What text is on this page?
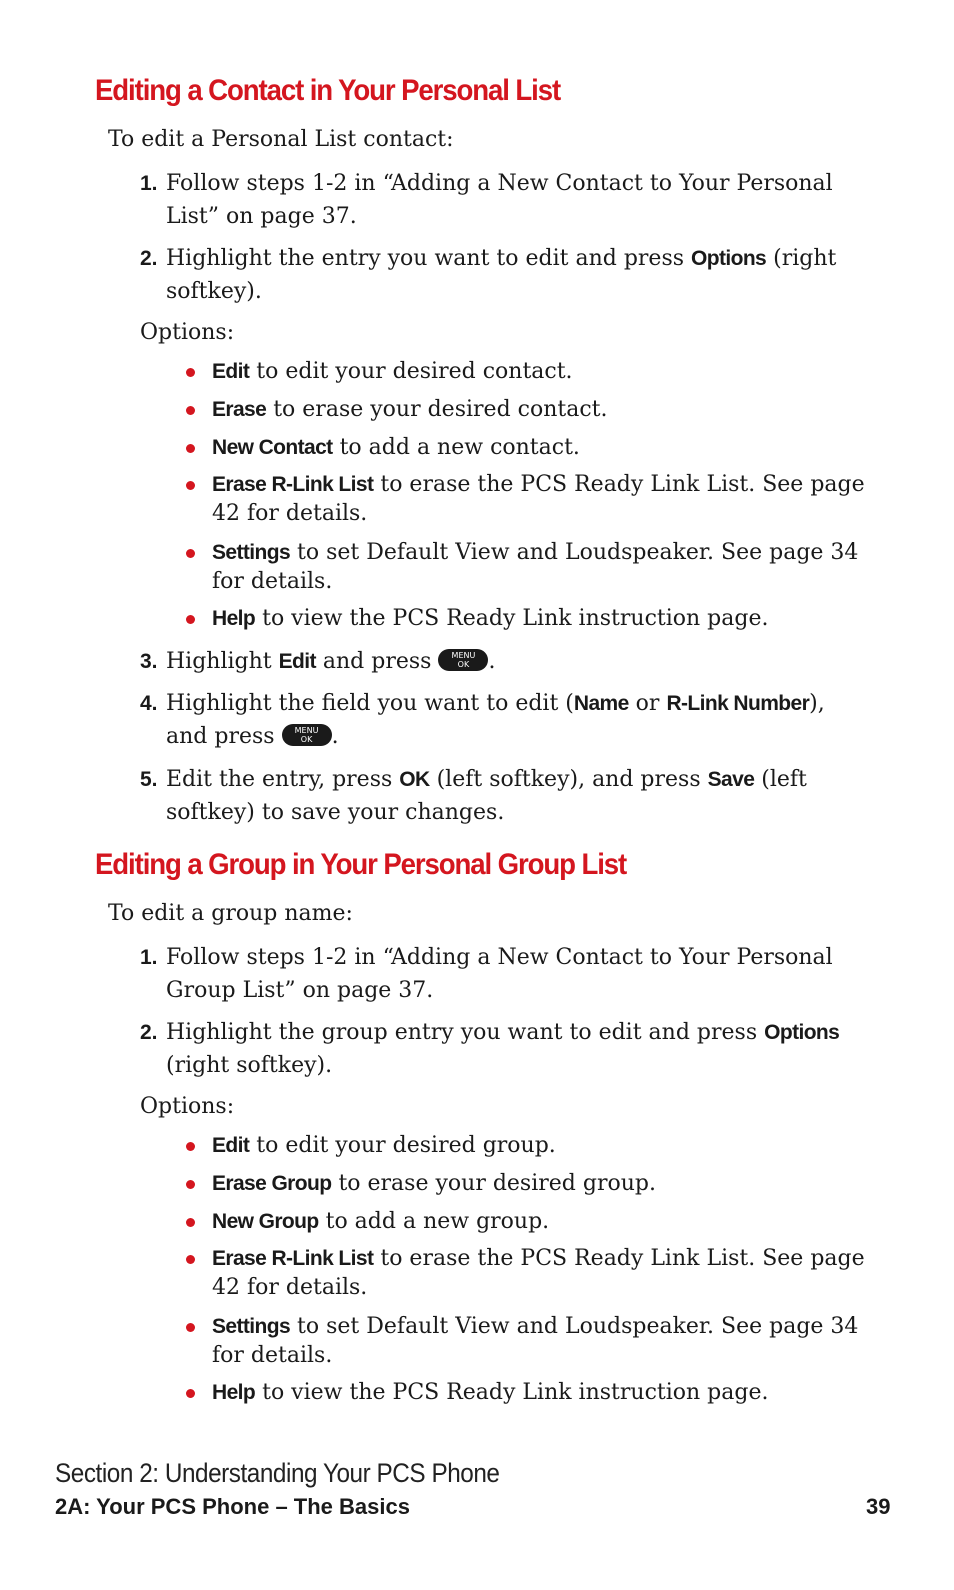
Editing a Contact in Your Personal List
To edit a Personal List contact:
1. Follow steps 1-2 in “Adding a New Contact to Your Personal List” on page 37.
2. Highlight the entry you want to edit and press Options (right softkey).
Options:
Edit to edit your desired contact.
Erase to erase your desired contact.
New Contact to add a new contact.
Erase R-Link List to erase the PCS Ready Link List. See page 42 for details.
Settings to set Default View and Loudspeaker. See page 34 for details.
Help to view the PCS Ready Link instruction page.
3. Highlight Edit and press	MENU
OK .
4. Highlight the field you want to edit (Name or R-Link Number), and press	MENU
OK .
5. Edit the entry, press OK (left softkey), and press Save (left softkey) to save your changes.
Editing a Group in Your Personal Group List
To edit a group name:
1. Follow steps 1-2 in “Adding a New Contact to Your Personal Group List” on page 37.
2. Highlight the group entry you want to edit and press Options (right softkey).
Options:
Edit to edit your desired group.
Erase Group to erase your desired group.
New Group to add a new group.
Erase R-Link List to erase the PCS Ready Link List. See page 42 for details.
Settings to set Default View and Loudspeaker. See page 34 for details.
Help to view the PCS Ready Link instruction page.
Section 2: Understanding Your PCS Phone
2A: Your PCS Phone – The Basics	39
